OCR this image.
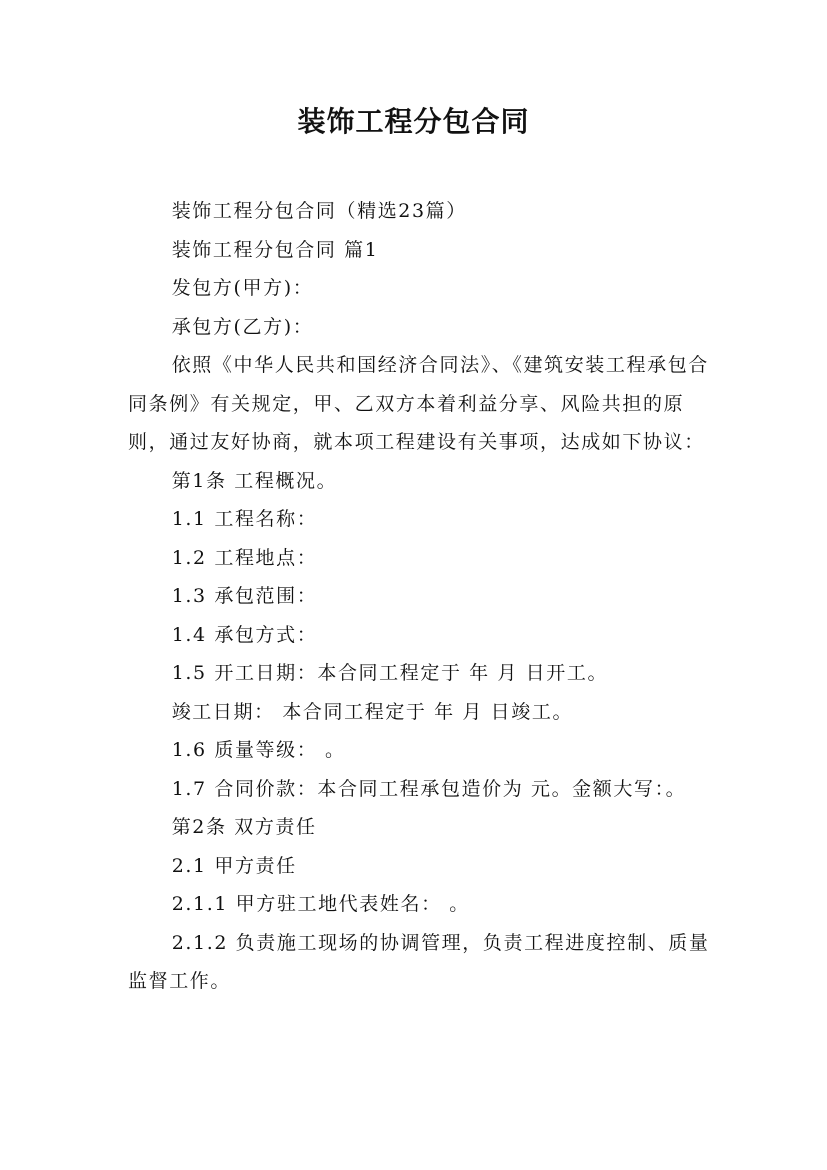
装饰工程分包合同

装饰工程分包合同（精选23篇）

装饰工程分包合同 篇1

发包方(甲方)：

承包方(乙方)：

依照《中华人民共和国经济合同法》、《建筑安装工程承包合同条例》有关规定，甲、乙双方本着利益分享、风险共担的原则，通过友好协商，就本项工程建设有关事项，达成如下协议：

第1条 工程概况。

1.1 工程名称：

1.2 工程地点：

1.3 承包范围：

1.4 承包方式：

1.5 开工日期：本合同工程定于 年 月 日开工。

竣工日期： 本合同工程定于 年 月 日竣工。

1.6 质量等级： 。

1.7 合同价款：本合同工程承包造价为 元。金额大写：。

第2条 双方责任

2.1 甲方责任

2.1.1 甲方驻工地代表姓名： 。

2.1.2 负责施工现场的协调管理，负责工程进度控制、质量监督工作。
